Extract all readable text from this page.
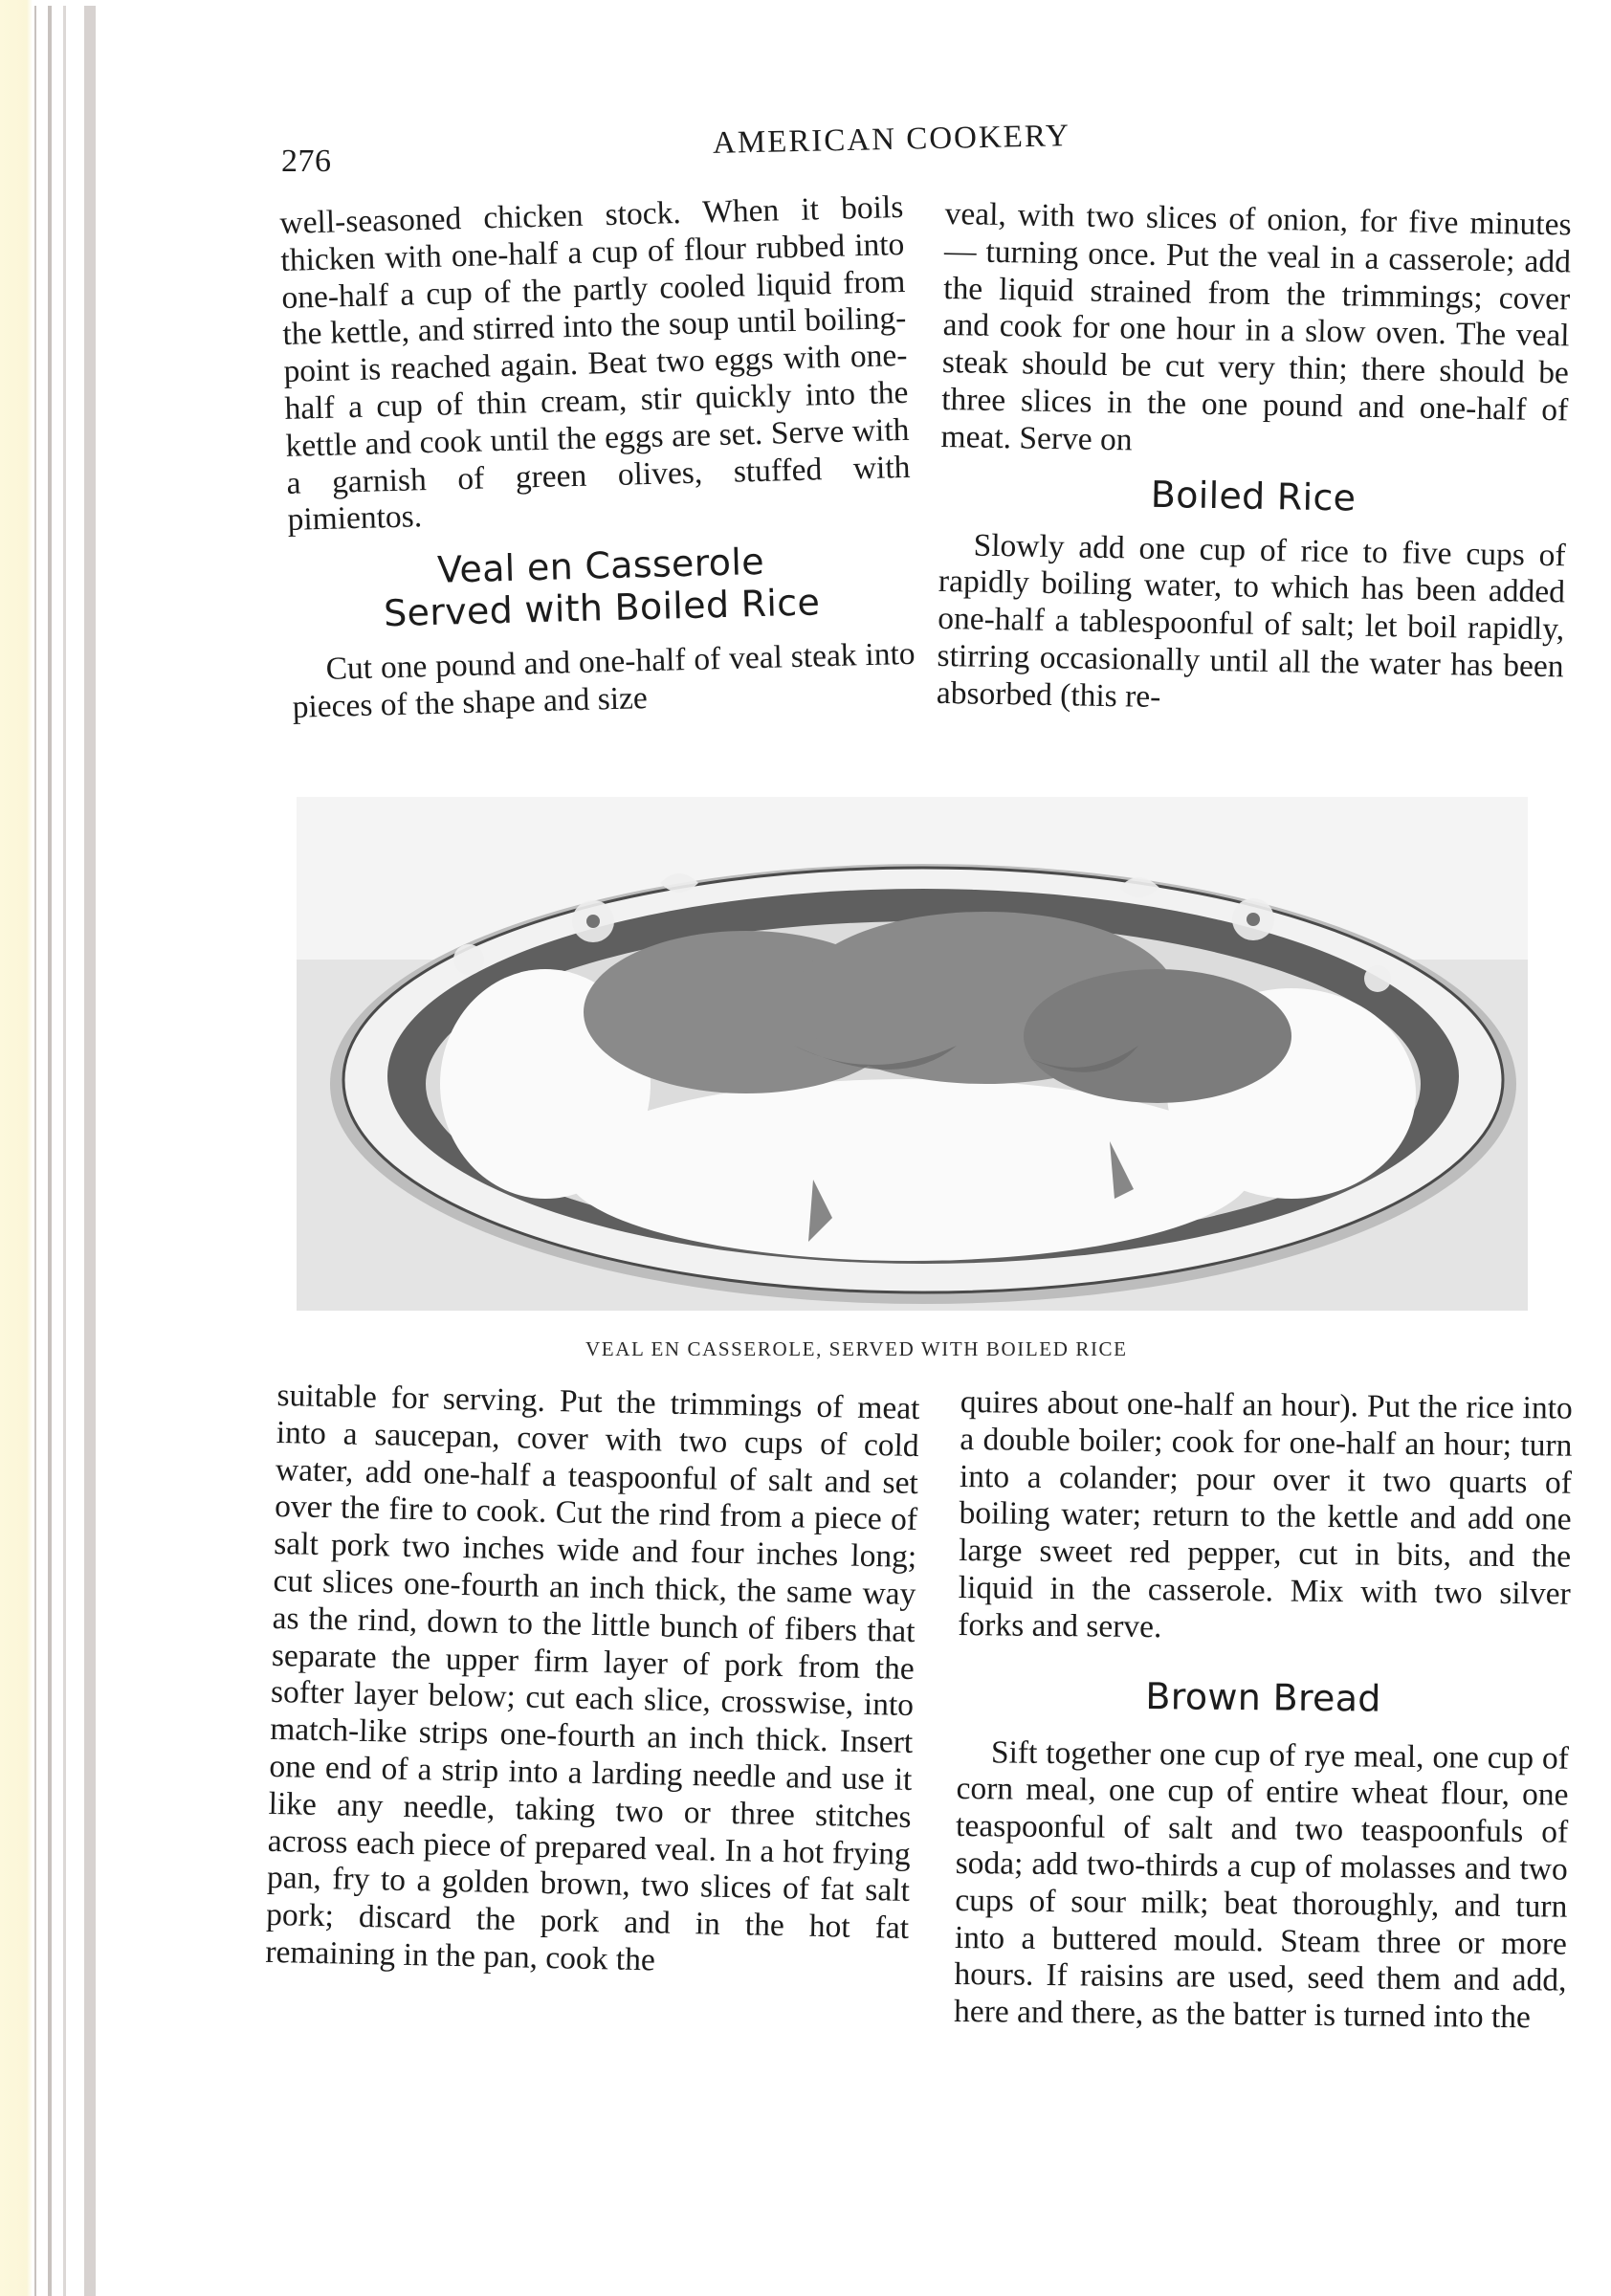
276
AMERICAN COOKERY

well-seasoned chicken stock. When it boils thicken with one-half a cup of flour rubbed into one-half a cup of the partly cooled liquid from the kettle, and stirred into the soup until boiling-point is reached again. Beat two eggs with one-half a cup of thin cream, stir quickly into the kettle and cook until the eggs are set. Serve with a garnish of green olives, stuffed with pimientos.

Veal en Casserole
Served with Boiled Rice

Cut one pound and one-half of veal steak into pieces of the shape and size

veal, with two slices of onion, for five minutes — turning once. Put the veal in a casserole; add the liquid strained from the trimmings; cover and cook for one hour in a slow oven. The veal steak should be cut very thin; there should be three slices in the one pound and one-half of meat. Serve on

Boiled Rice

Slowly add one cup of rice to five cups of rapidly boiling water, to which has been added one-half a tablespoonful of salt; let boil rapidly, stirring occasionally until all the water has been absorbed (this re-

VEAL EN CASSEROLE, SERVED WITH BOILED RICE

suitable for serving. Put the trimmings of meat into a saucepan, cover with two cups of cold water, add one-half a teaspoonful of salt and set over the fire to cook. Cut the rind from a piece of salt pork two inches wide and four inches long; cut slices one-fourth an inch thick, the same way as the rind, down to the little bunch of fibers that separate the upper firm layer of pork from the softer layer below; cut each slice, crosswise, into match-like strips one-fourth an inch thick. Insert one end of a strip into a larding needle and use it like any needle, taking two or three stitches across each piece of prepared veal. In a hot frying pan, fry to a golden brown, two slices of fat salt pork; discard the pork and in the hot fat remaining in the pan, cook the

quires about one-half an hour). Put the rice into a double boiler; cook for one-half an hour; turn into a colander; pour over it two quarts of boiling water; return to the kettle and add one large sweet red pepper, cut in bits, and the liquid in the casserole. Mix with two silver forks and serve.

Brown Bread

Sift together one cup of rye meal, one cup of corn meal, one cup of entire wheat flour, one teaspoonful of salt and two teaspoonfuls of soda; add two-thirds a cup of molasses and two cups of sour milk; beat thoroughly, and turn into a buttered mould. Steam three or more hours. If raisins are used, seed them and add, here and there, as the batter is turned into the
